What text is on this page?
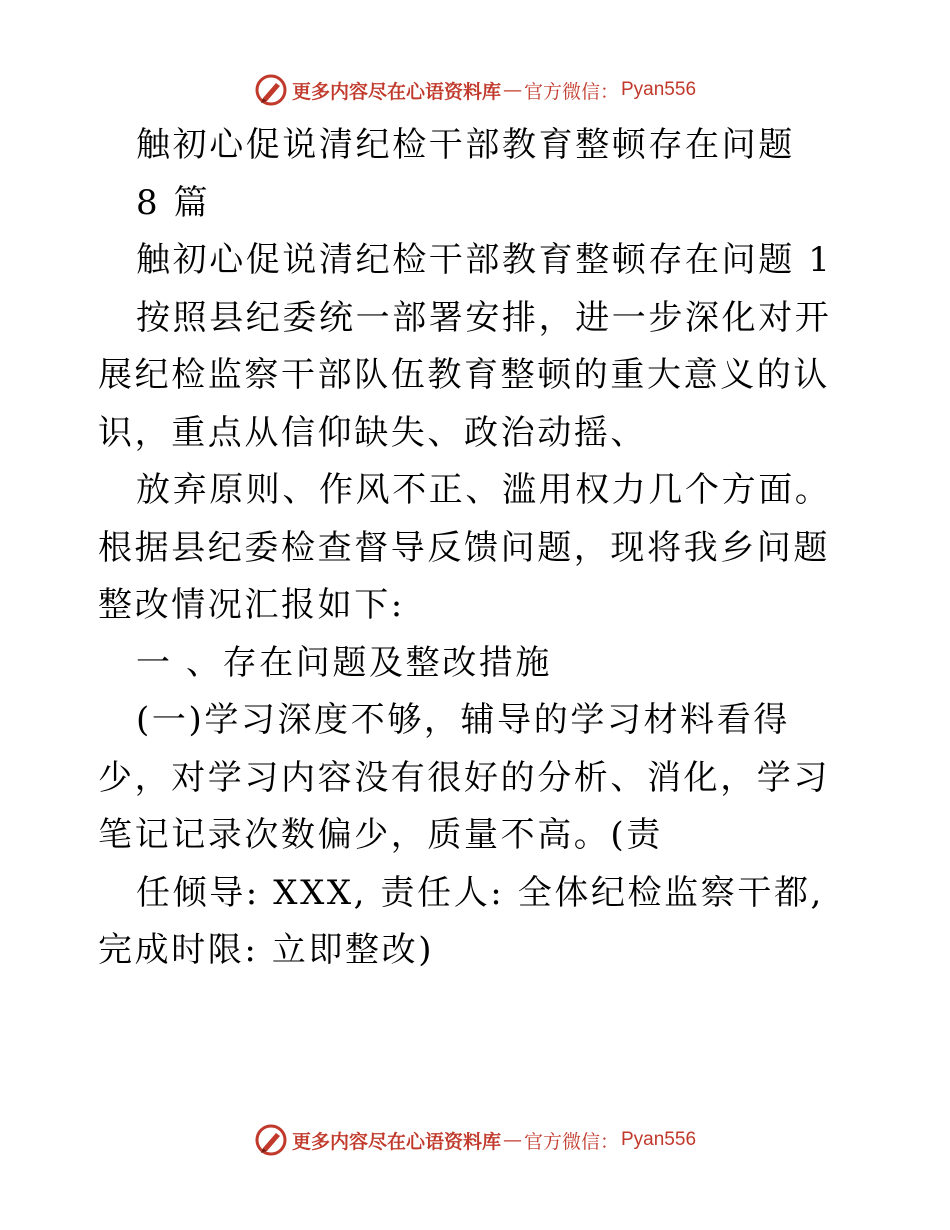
更多内容尽在心语资料库 — 官方微信： Pyan556

触初心促说清纪检干部教育整顿存在问题

8 篇

触初心促说清纪检干部教育整顿存在问题 1

按照县纪委统一部署安排，进一步深化对开展纪检监察干部队伍教育整顿的重大意义的认识，重点从信仰缺失、政治动摇、

放弃原则、作风不正、滥用权力几个方面。根据县纪委检查督导反馈问题，现将我乡问题整改情况汇报如下:

一 、存在问题及整改措施

(一)学习深度不够，辅导的学习材料看得少，对学习内容没有很好的分析、消化，学习笔记记录次数偏少，质量不高。(责

任倾导: XXX, 责任人: 全体纪检监察干都, 完成时限: 立即整改)

更多内容尽在心语资料库 — 官方微信： Pyan556
